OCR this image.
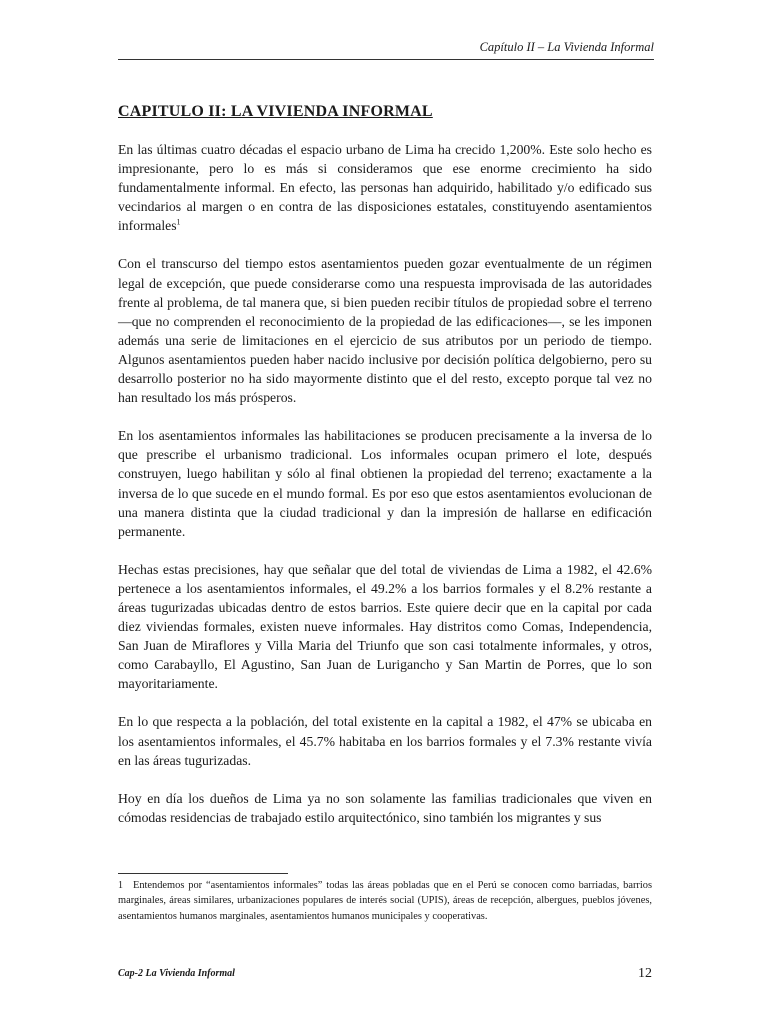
Capítulo II – La Vivienda Informal
CAPITULO II: LA VIVIENDA INFORMAL

En las últimas cuatro décadas el espacio urbano de Lima ha crecido 1,200%. Este solo hecho es impresionante, pero lo es más si consideramos que ese enorme crecimiento ha sido fundamentalmente informal. En efecto, las personas han adquirido, habilitado y/o edificado sus vecindarios al margen o en contra de las disposiciones estatales, constituyendo asentamientos informales$^1$

Con el transcurso del tiempo estos asentamientos pueden gozar eventualmente de un régimen legal de excepción, que puede considerarse como una respuesta improvisada de las autoridades frente al problema, de tal manera que, si bien pueden recibir títulos de propiedad sobre el terreno —que no comprenden el reconocimiento de la propiedad de las edificaciones—, se les imponen además una serie de limitaciones en el ejercicio de sus atributos por un periodo de tiempo. Algunos asentamientos pueden haber nacido inclusive por decisión política delgobierno, pero su desarrollo posterior no ha sido mayormente distinto que el del resto, excepto porque tal vez no han resultado los más prósperos.

En los asentamientos informales las habilitaciones se producen precisamente a la inversa de lo que prescribe el urbanismo tradicional. Los informales ocupan primero el lote, después construyen, luego habilitan y sólo al final obtienen la propiedad del terreno; exactamente a la inversa de lo que sucede en el mundo formal. Es por eso que estos asentamientos evolucionan de una manera distinta que la ciudad tradicional y dan la impresión de hallarse en edificación permanente.

Hechas estas precisiones, hay que señalar que del total de viviendas de Lima a 1982, el 42.6% pertenece a los asentamientos informales, el 49.2% a los barrios formales y el 8.2% restante a áreas tugurizadas ubicadas dentro de estos barrios. Este quiere decir que en la capital por cada diez viviendas formales, existen nueve informales. Hay distritos como Comas, Independencia, San Juan de Miraflores y Villa Maria del Triunfo que son casi totalmente informales, y otros, como Carabayllo, El Agustino, San Juan de Lurigancho y San Martin de Porres, que lo son mayoritariamente.

En lo que respecta a la población, del total existente en la capital a 1982, el 47% se ubicaba en los asentamientos informales, el 45.7% habitaba en los barrios formales y el 7.3% restante vivía en las áreas tugurizadas.

Hoy en día los dueños de Lima ya no son solamente las familias tradicionales que viven en cómodas residencias de trabajado estilo arquitectónico, sino también los migrantes y sus

1 Entendemos por “asentamientos informales” todas las áreas pobladas que en el Perú se conocen como barriadas, barrios marginales, áreas similares, urbanizaciones populares de interés social (UPIS), áreas de recepción, albergues, pueblos jóvenes, asentamientos humanos marginales, asentamientos humanos municipales y cooperativas.

Cap-2 La Vivienda Informal	12
